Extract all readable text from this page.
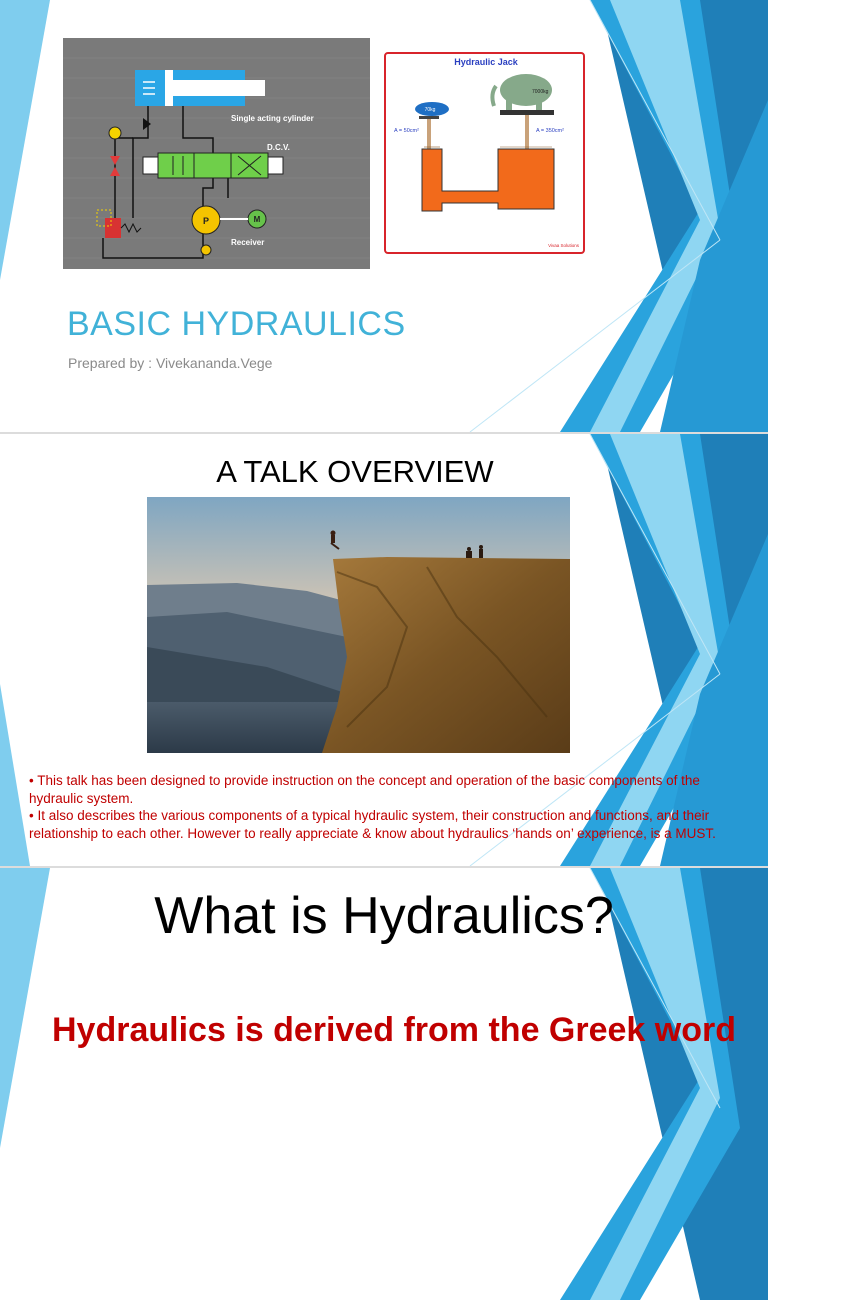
Single acting cylinder
D.C.V.
P	M
Receiver
Hydraulic Jack
70kg
7000kg
A = 50cm²	A = 350cm²
Vivaa Solutions
BASIC HYDRAULICS

Prepared by : Vivekananda.Vege

A TALK OVERVIEW

• This talk has been designed to provide instruction on the concept and operation of the basic components of the hydraulic system.

• It also describes the various components of a typical hydraulic system, their construction and functions, and their relationship to each other. However to really appreciate & know about hydraulics ‘hands on’ experience, is a MUST.

What is Hydraulics?

Hydraulics is derived from the Greek word
